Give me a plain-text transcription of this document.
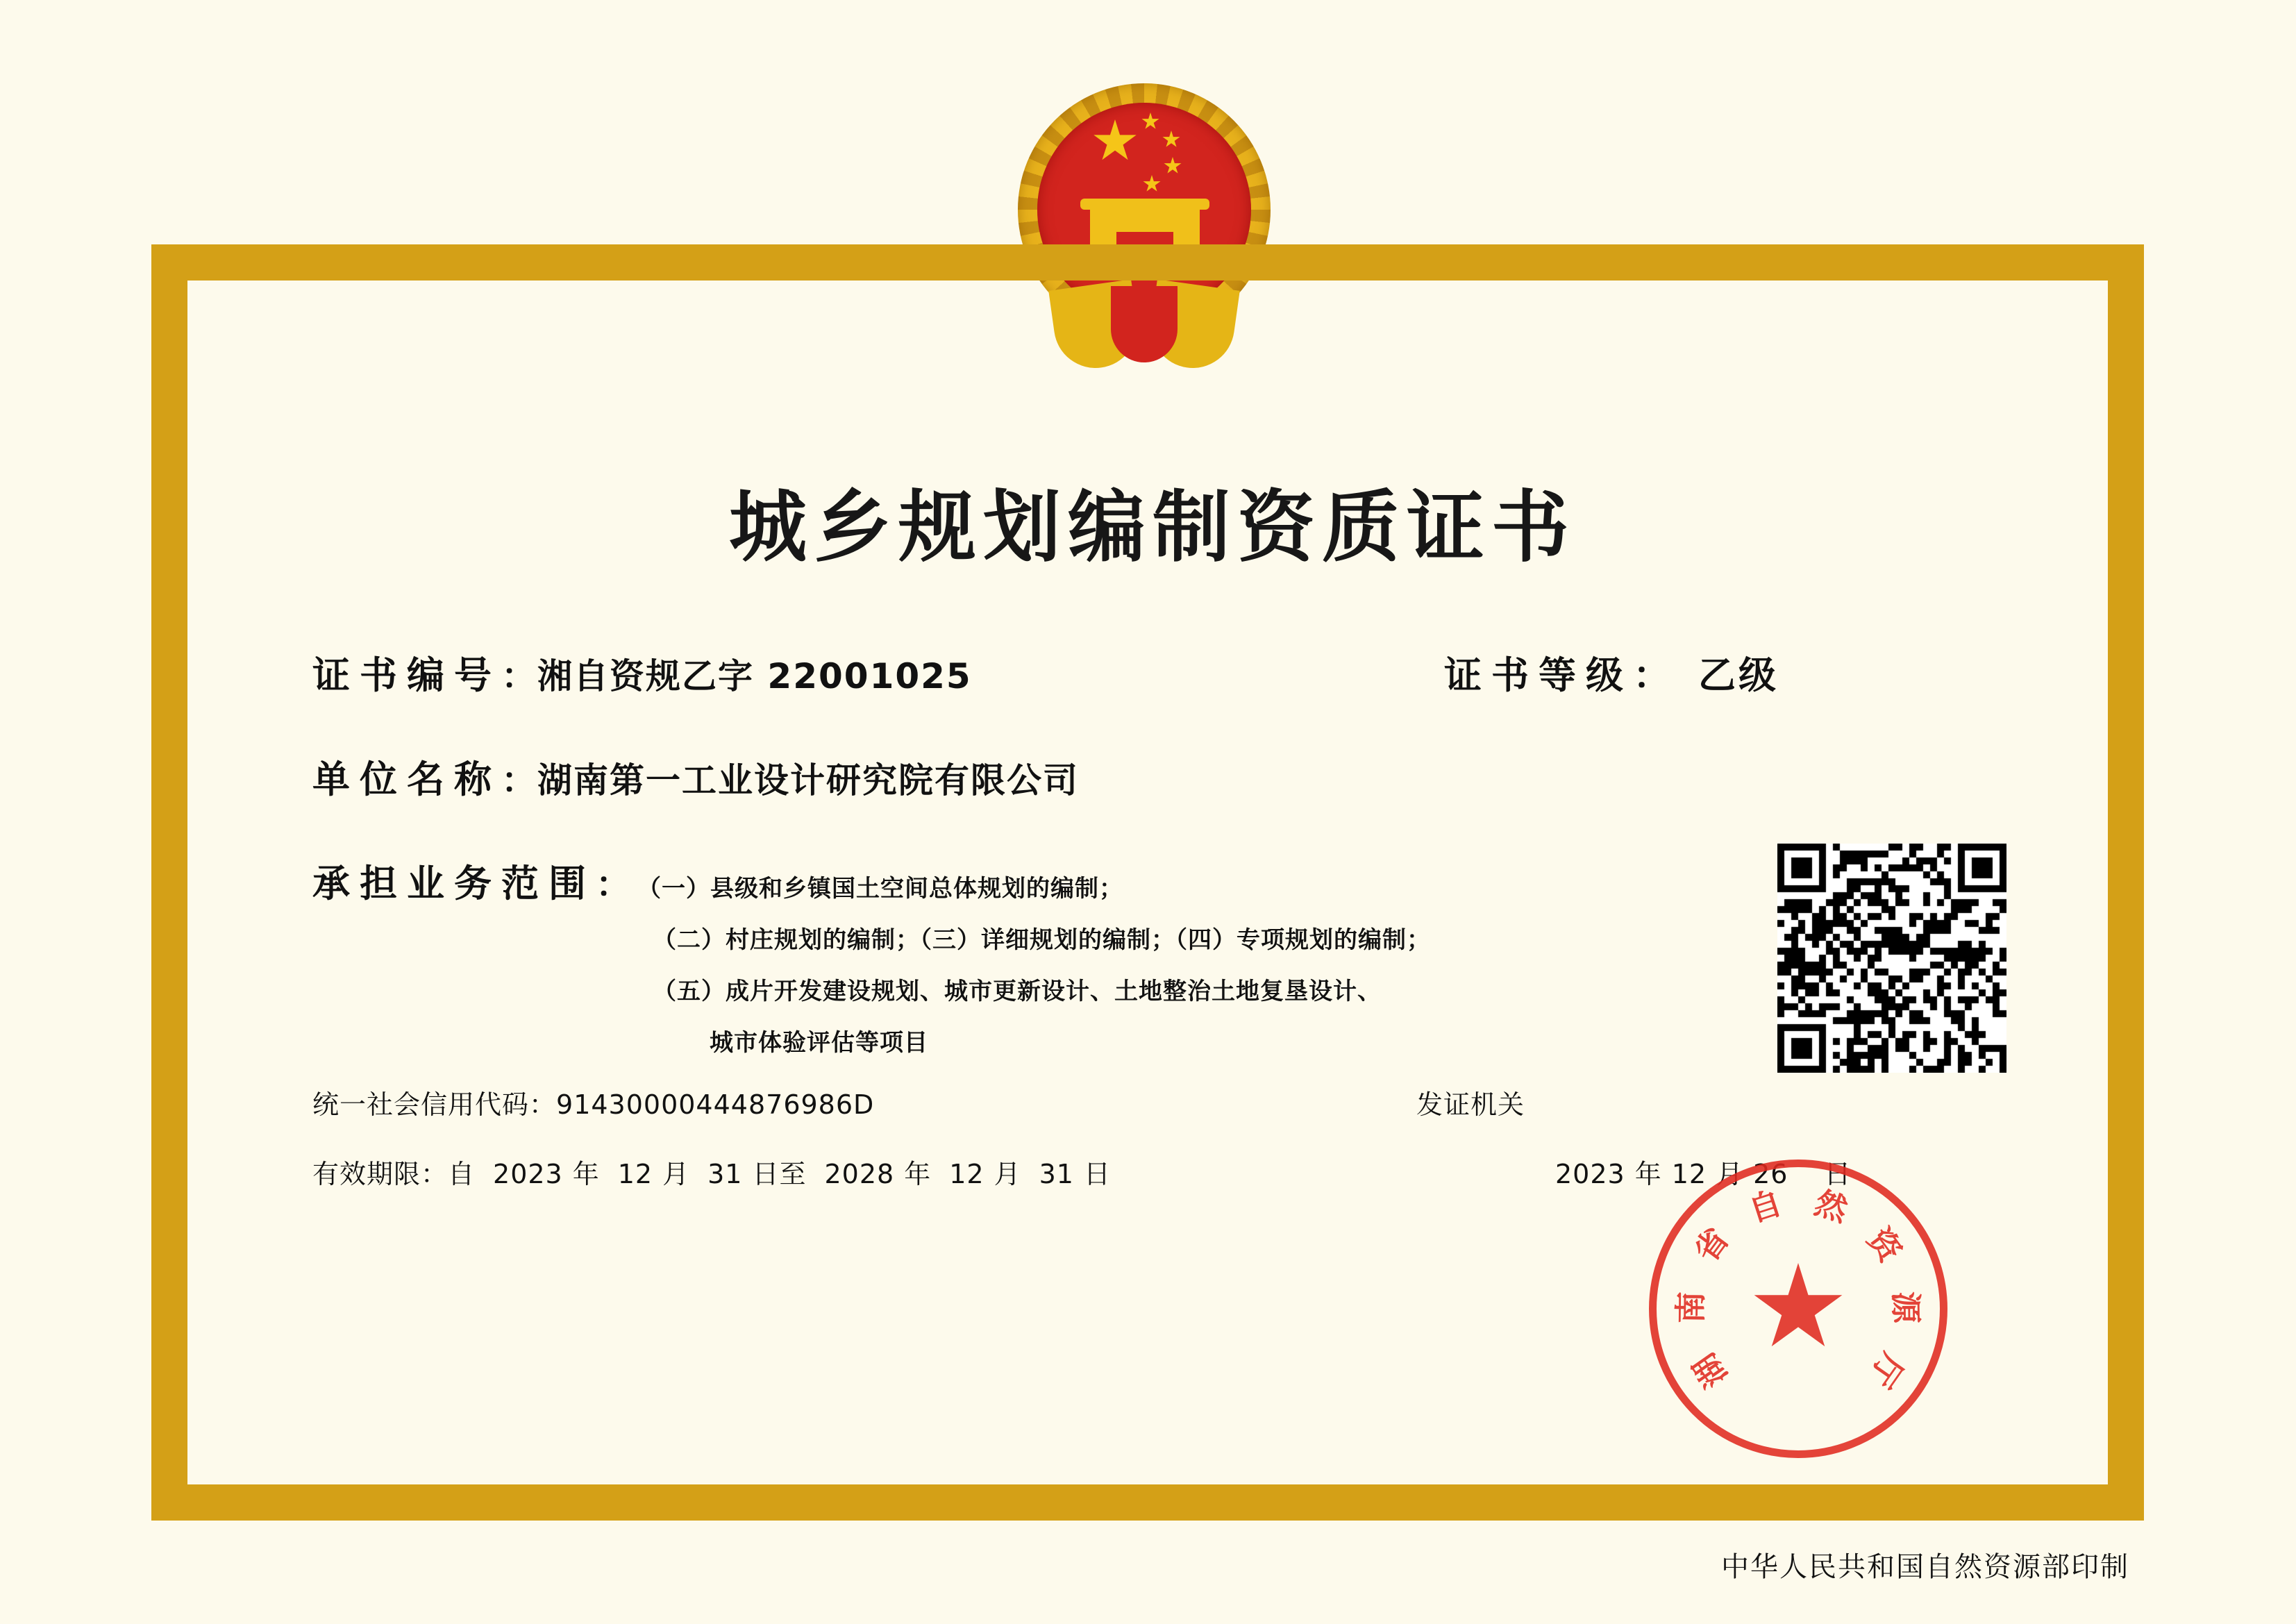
城乡规划编制资质证书
证书编号 ： 湘自资规乙字 22001025	证书等级： 乙级
单位名称 ： 湖南第一工业设计研究院有限公司
承担业务范围 ： （一）县级和乡镇国土空间总体规划的编制；
（二）村庄规划的编制；（三）详细规划的编制；（四）专项规划的编制；
（五）成片开发建设规划、城市更新设计、土地整治土地复垦设计、
城市体验评估等项目
统一社会信用代码：91430000444876986D	发证机关
有效期限：自 2023 年 12 月 31 日至 2028 年 12 月 31 日	2023 年 12 月 26 日
湖
南
省
自 然
资
源
厅
中华人民共和国自然资源部印制
